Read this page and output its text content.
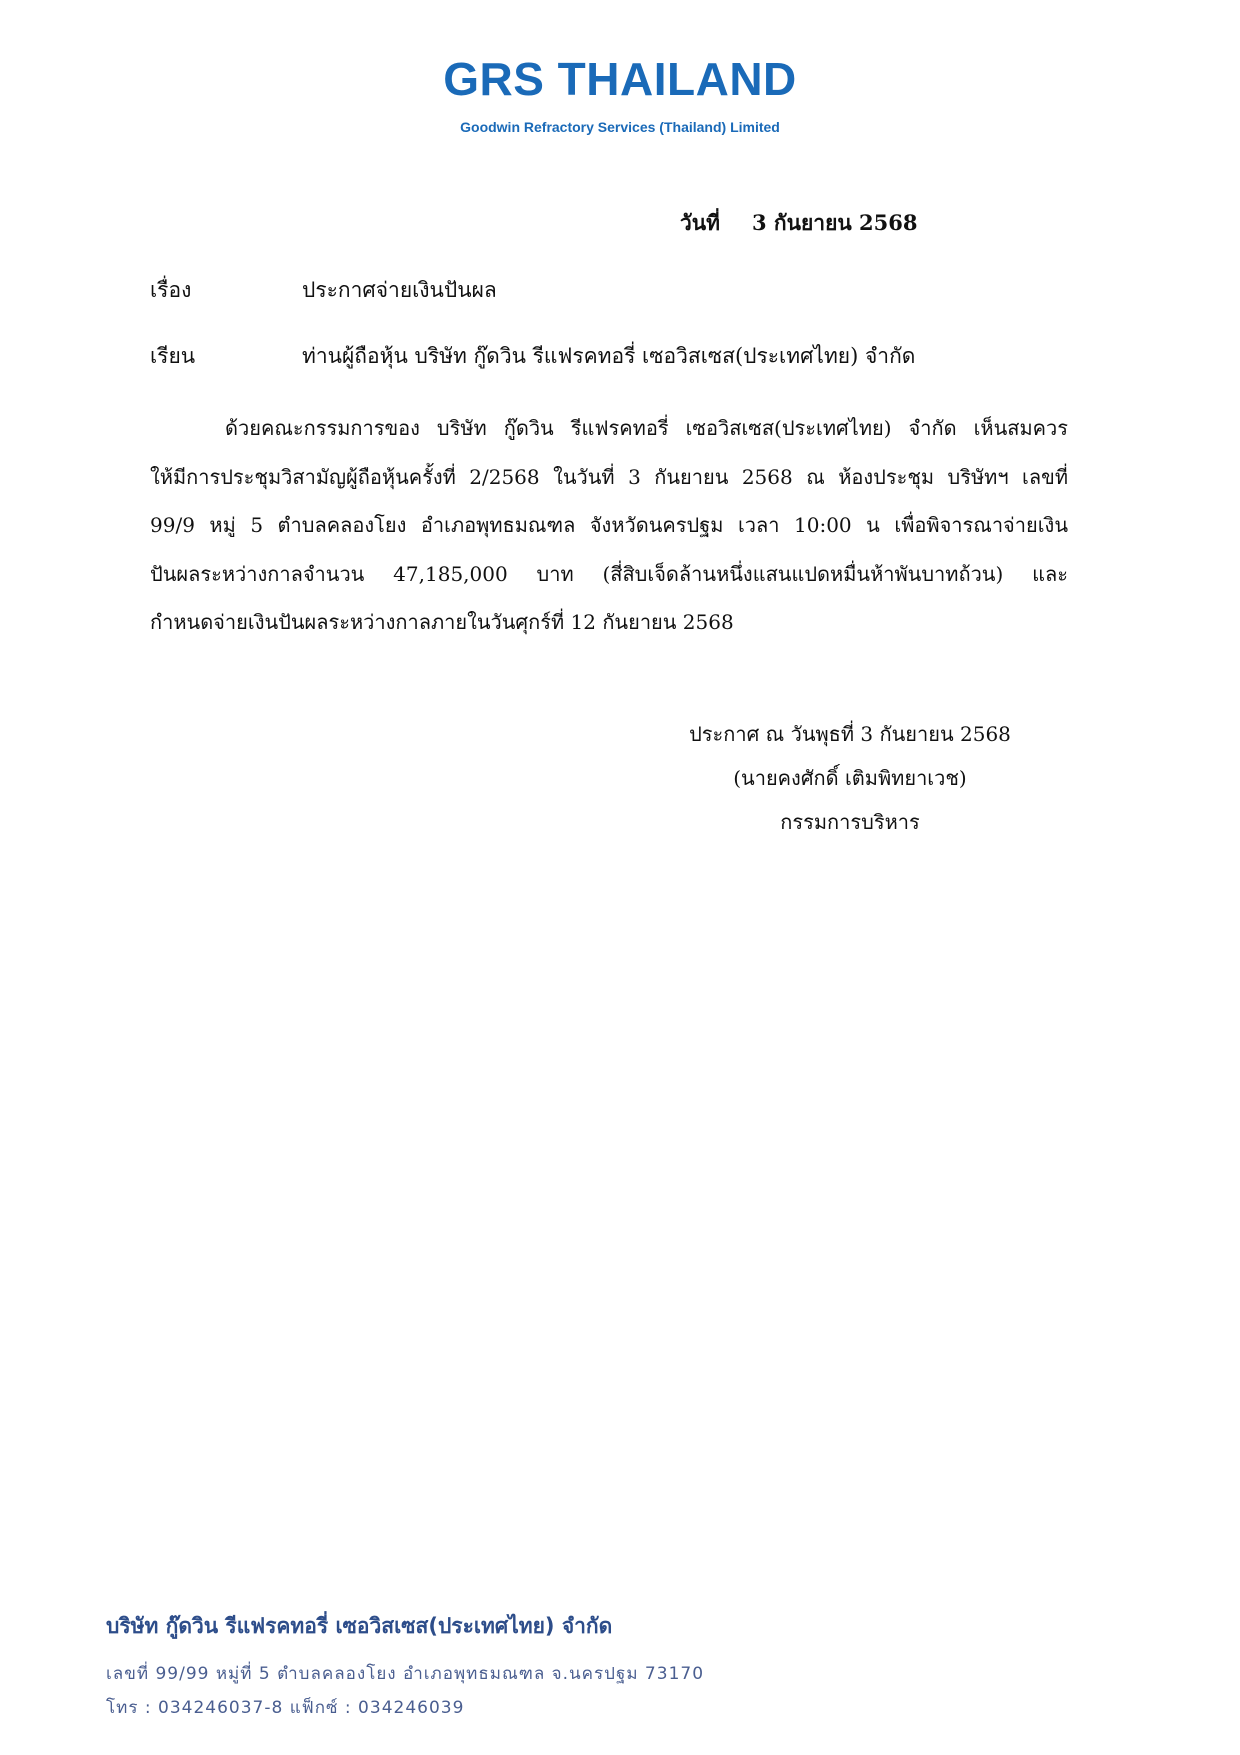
GRS THAILAND
Goodwin Refractory Services (Thailand) Limited
วันที่ 3 กันยายน 2568
เรื่อง	ประกาศจ่ายเงินปันผล
เรียน	ท่านผู้ถือหุ้น บริษัท กู๊ดวิน รีแฟรคทอรี่ เซอวิสเซส(ประเทศไทย) จำกัด
ด้วยคณะกรรมการของ บริษัท กู๊ดวิน รีแฟรคทอรี่ เซอวิสเซส(ประเทศไทย) จำกัด เห็นสมควร
ให้มีการประชุมวิสามัญผู้ถือหุ้นครั้งที่ 2/2568 ในวันที่ 3 กันยายน 2568 ณ ห้องประชุม บริษัทฯ เลขที่
99/9 หมู่ 5 ตำบลคลองโยง อำเภอพุทธมณฑล จังหวัดนครปฐม เวลา 10:00 น เพื่อพิจารณาจ่ายเงิน
ปันผลระหว่างกาลจำนวน 47,185,000 บาท (สี่สิบเจ็ดล้านหนึ่งแสนแปดหมื่นห้าพันบาทถ้วน) และ
กำหนดจ่ายเงินปันผลระหว่างกาลภายในวันศุกร์ที่ 12 กันยายน 2568
ประกาศ ณ วันพุธที่ 3 กันยายน 2568
(นายคงศักดิ์ เติมพิทยาเวช)
กรรมการบริหาร
บริษัท กู๊ดวิน รีแฟรคทอรี่ เซอวิสเซส(ประเทศไทย) จำกัด
เลขที่ 99/99 หมู่ที่ 5 ตำบลคลองโยง อำเภอพุทธมณฑล จ.นครปฐม 73170
โทร : 034246037-8 แฟ็กซ์ : 034246039
